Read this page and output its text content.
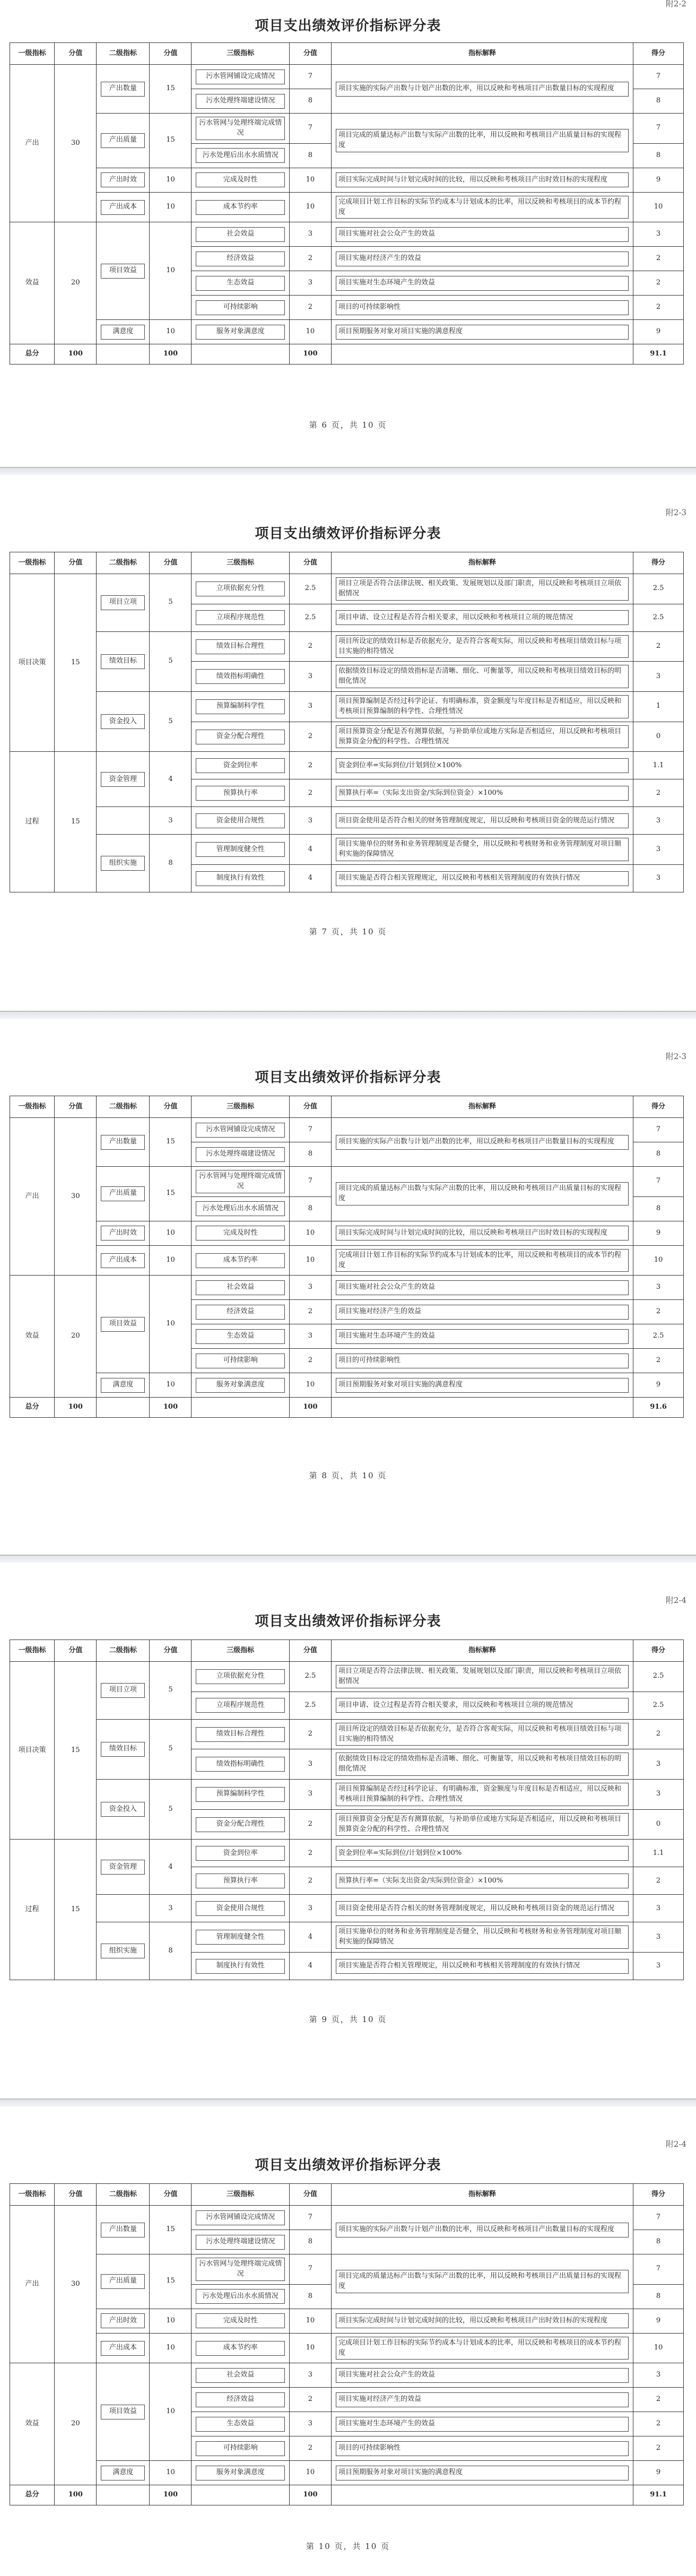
附2-2
项目支出绩效评价指标评分表
一级指标	分值	二级指标	分值	三级指标	分值	指标解释	得分
产出	30	产出数量	15	污水管网铺设完成情况	7	项目实施的实际产出数与计划产出数的比率，用以反映和考核项目产出数量目标的实现程度	7

污水处理终端建设情况	8		8

产出质量	15	污水管网与处理终端完成情况	7	项目完成的质量达标产出数与实际产出数的比率，用以反映和考核项目产出质量目标的实现程度	7

污水处理后出水水质情况	8		8

产出时效	10	完成及时性	10	项目实际完成时间与计划完成时间的比较，用以反映和考核项目产出时效目标的实现程度	9

产出成本	10	成本节约率	10	完成项目计划工作目标的实际节约成本与计划成本的比率，用以反映和考核项目的成本节约程度	10
效益	20	项目效益	10	社会效益	3	项目实施对社会公众产生的效益	3

经济效益	2	项目实施对经济产生的效益	2

生态效益	3	项目实施对生态环境产生的效益	2

可持续影响	2	项目的可持续影响性	2

满意度	10	服务对象满意度	10	项目预期服务对象对项目实施的满意程度	9
总分	100		100		100		91.1
第 6 页，共 10 页
附2-3
项目支出绩效评价指标评分表
一级指标	分值	二级指标	分值	三级指标	分值	指标解释	得分
项目决策	15	项目立项	5	立项依据充分性	2.5	项目立项是否符合法律法规、相关政策、发展规划以及部门职责，用以反映和考核项目立项依据情况	2.5

立项程序规范性	2.5	项目申请、设立过程是否符合相关要求，用以反映和考核项目立项的规范情况	2.5

绩效目标	5	绩效目标合理性	2	项目所设定的绩效目标是否依据充分，是否符合客观实际，用以反映和考核项目绩效目标与项目实施的相符情况	2

绩效指标明确性	3	依据绩效目标设定的绩效指标是否清晰、细化、可衡量等，用以反映和考核项目绩效目标的明细化情况	3

资金投入	5	预算编制科学性	3	项目预算编制是否经过科学论证、有明确标准，资金额度与年度目标是否相适应，用以反映和考核项目预算编制的科学性、合理性情况	1

资金分配合理性	2	项目预算资金分配是否有测算依据，与补助单位或地方实际是否相适应，用以反映和考核项目预算资金分配的科学性、合理性情况	0
过程	15	资金管理	4	资金到位率	2	资金到位率=实际到位/计划到位×100%	1.1

预算执行率	2	预算执行率=（实际支出资金/实际到位资金）×100%	2
			3	资金使用合规性	3	项目资金使用是否符合相关的财务管理制度规定，用以反映和考核项目资金的规范运行情况	3

组织实施	8	管理制度健全性	4	项目实施单位的财务和业务管理制度是否健全，用以反映和考核财务和业务管理制度对项目顺利实施的保障情况	3

制度执行有效性	4	项目实施是否符合相关管理规定，用以反映和考核相关管理制度的有效执行情况	3
第 7 页，共 10 页
附2-3
项目支出绩效评价指标评分表
一级指标	分值	二级指标	分值	三级指标	分值	指标解释	得分
产出	30	产出数量	15	污水管网铺设完成情况	7	项目实施的实际产出数与计划产出数的比率，用以反映和考核项目产出数量目标的实现程度	7

污水处理终端建设情况	8		8

产出质量	15	污水管网与处理终端完成情况	7	项目完成的质量达标产出数与实际产出数的比率，用以反映和考核项目产出质量目标的实现程度	7

污水处理后出水水质情况	8		8

产出时效	10	完成及时性	10	项目实际完成时间与计划完成时间的比较，用以反映和考核项目产出时效目标的实现程度	9

产出成本	10	成本节约率	10	完成项目计划工作目标的实际节约成本与计划成本的比率，用以反映和考核项目的成本节约程度	10
效益	20	项目效益	10	社会效益	3	项目实施对社会公众产生的效益	3

经济效益	2	项目实施对经济产生的效益	2

生态效益	3	项目实施对生态环境产生的效益	2.5

可持续影响	2	项目的可持续影响性	2

满意度	10	服务对象满意度	10	项目预期服务对象对项目实施的满意程度	9
总分	100		100		100		91.6
第 8 页，共 10 页
附2-4
项目支出绩效评价指标评分表
一级指标	分值	二级指标	分值	三级指标	分值	指标解释	得分
项目决策	15	项目立项	5	立项依据充分性	2.5	项目立项是否符合法律法规、相关政策、发展规划以及部门职责，用以反映和考核项目立项依据情况	2.5

立项程序规范性	2.5	项目申请、设立过程是否符合相关要求，用以反映和考核项目立项的规范情况	2.5

绩效目标	5	绩效目标合理性	2	项目所设定的绩效目标是否依据充分，是否符合客观实际，用以反映和考核项目绩效目标与项目实施的相符情况	2

绩效指标明确性	3	依据绩效目标设定的绩效指标是否清晰、细化、可衡量等，用以反映和考核项目绩效目标的明细化情况	3

资金投入	5	预算编制科学性	3	项目预算编制是否经过科学论证、有明确标准，资金额度与年度目标是否相适应，用以反映和考核项目预算编制的科学性、合理性情况	3

资金分配合理性	2	项目预算资金分配是否有测算依据，与补助单位或地方实际是否相适应，用以反映和考核项目预算资金分配的科学性、合理性情况	0
过程	15	资金管理	4	资金到位率	2	资金到位率=实际到位/计划到位×100%	1.1

预算执行率	2	预算执行率=（实际支出资金/实际到位资金）×100%	2
			3	资金使用合规性	3	项目资金使用是否符合相关的财务管理制度规定，用以反映和考核项目资金的规范运行情况	3

组织实施	8	管理制度健全性	4	项目实施单位的财务和业务管理制度是否健全，用以反映和考核财务和业务管理制度对项目顺利实施的保障情况	3

制度执行有效性	4	项目实施是否符合相关管理规定，用以反映和考核相关管理制度的有效执行情况	3
第 9 页，共 10 页
附2-4
项目支出绩效评价指标评分表
一级指标	分值	二级指标	分值	三级指标	分值	指标解释	得分
产出	30	产出数量	15	污水管网铺设完成情况	7	项目实施的实际产出数与计划产出数的比率，用以反映和考核项目产出数量目标的实现程度	7

污水处理终端建设情况	8		8

产出质量	15	污水管网与处理终端完成情况	7	项目完成的质量达标产出数与实际产出数的比率，用以反映和考核项目产出质量目标的实现程度	7

污水处理后出水水质情况	8		8

产出时效	10	完成及时性	10	项目实际完成时间与计划完成时间的比较，用以反映和考核项目产出时效目标的实现程度	9

产出成本	10	成本节约率	10	完成项目计划工作目标的实际节约成本与计划成本的比率，用以反映和考核项目的成本节约程度	10
效益	20	项目效益	10	社会效益	3	项目实施对社会公众产生的效益	3

经济效益	2	项目实施对经济产生的效益	2

生态效益	3	项目实施对生态环境产生的效益	2

可持续影响	2	项目的可持续影响性	2

满意度	10	服务对象满意度	10	项目预期服务对象对项目实施的满意程度	9
总分	100		100		100		91.1
第 10 页，共 10 页
